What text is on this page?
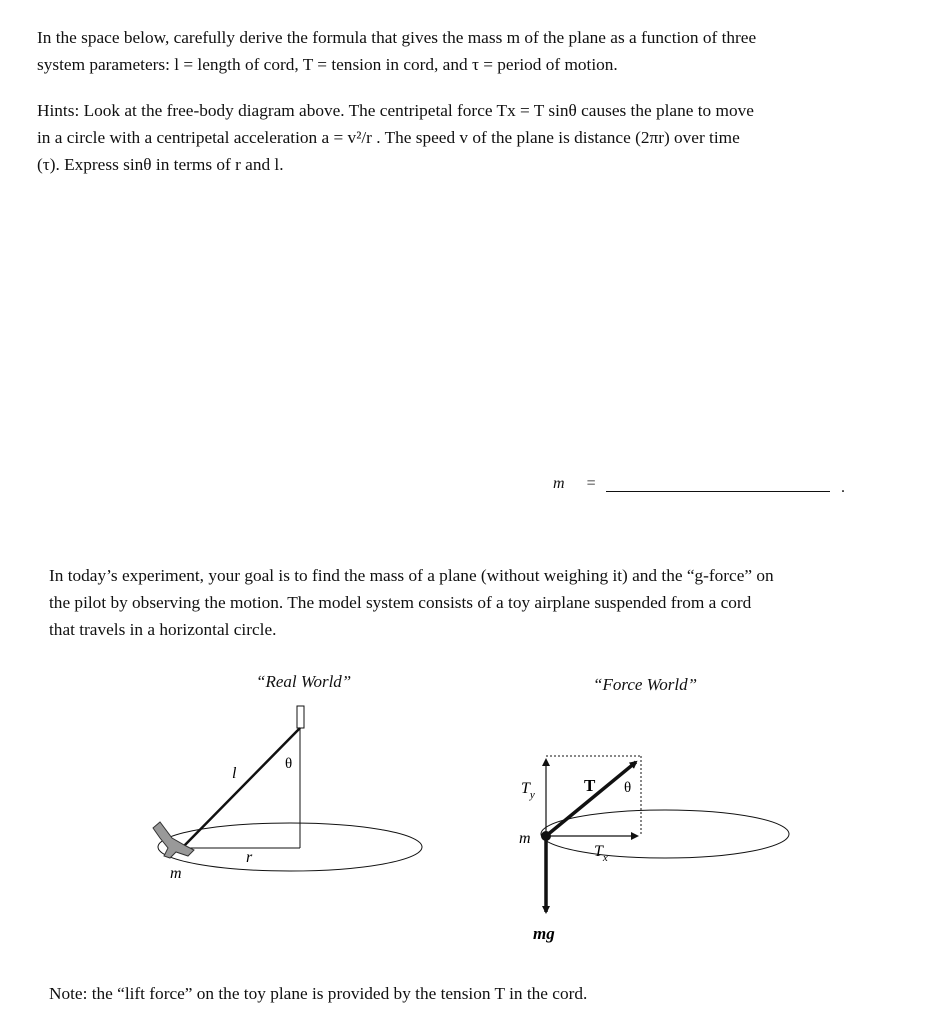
In the space below, carefully derive the formula that gives the mass m of the plane as a function of three
system parameters: l = length of cord, T = tension in cord, and τ = period of motion.
Hints: Look at the free-body diagram above. The centripetal force Tx = T sinθ causes the plane to move
in a circle with a centripetal acceleration a = v²/r . The speed v of the plane is distance (2πr) over time
(τ). Express sinθ in terms of r and l.
m =	.
In today’s experiment, your goal is to find the mass of a plane (without weighing it) and the “g-force” on
the pilot by observing the motion. The model system consists of a toy airplane suspended from a cord
that travels in a horizontal circle.
“Real World”	“Force World”
l
θ
r
m
$T_y$	T θ
m
$T_x$
mg
Note: the “lift force” on the toy plane is provided by the tension T in the cord.
